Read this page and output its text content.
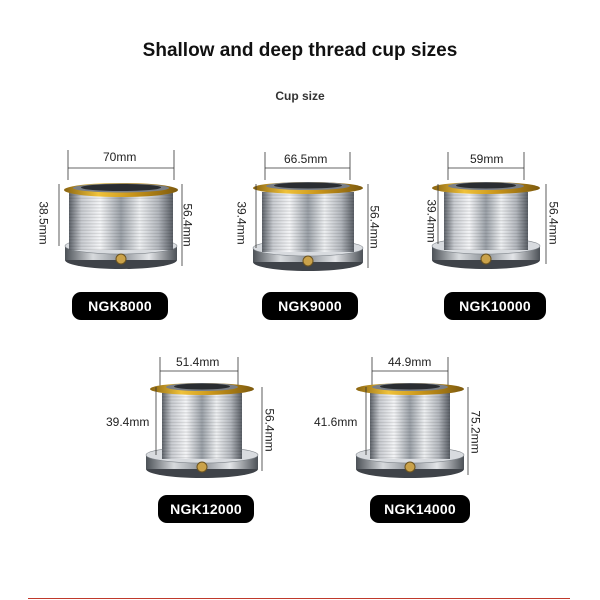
Shallow and deep thread cup sizes
Cup size
70mm
38.5mm	56.4mm
NGK8000
66.5mm
39.4mm	56.4mm
NGK9000
59mm
39.4mm	56.4mm
NGK10000
51.4mm
39.4mm	56.4mm
NGK12000
44.9mm
41.6mm	75.2mm
NGK14000
